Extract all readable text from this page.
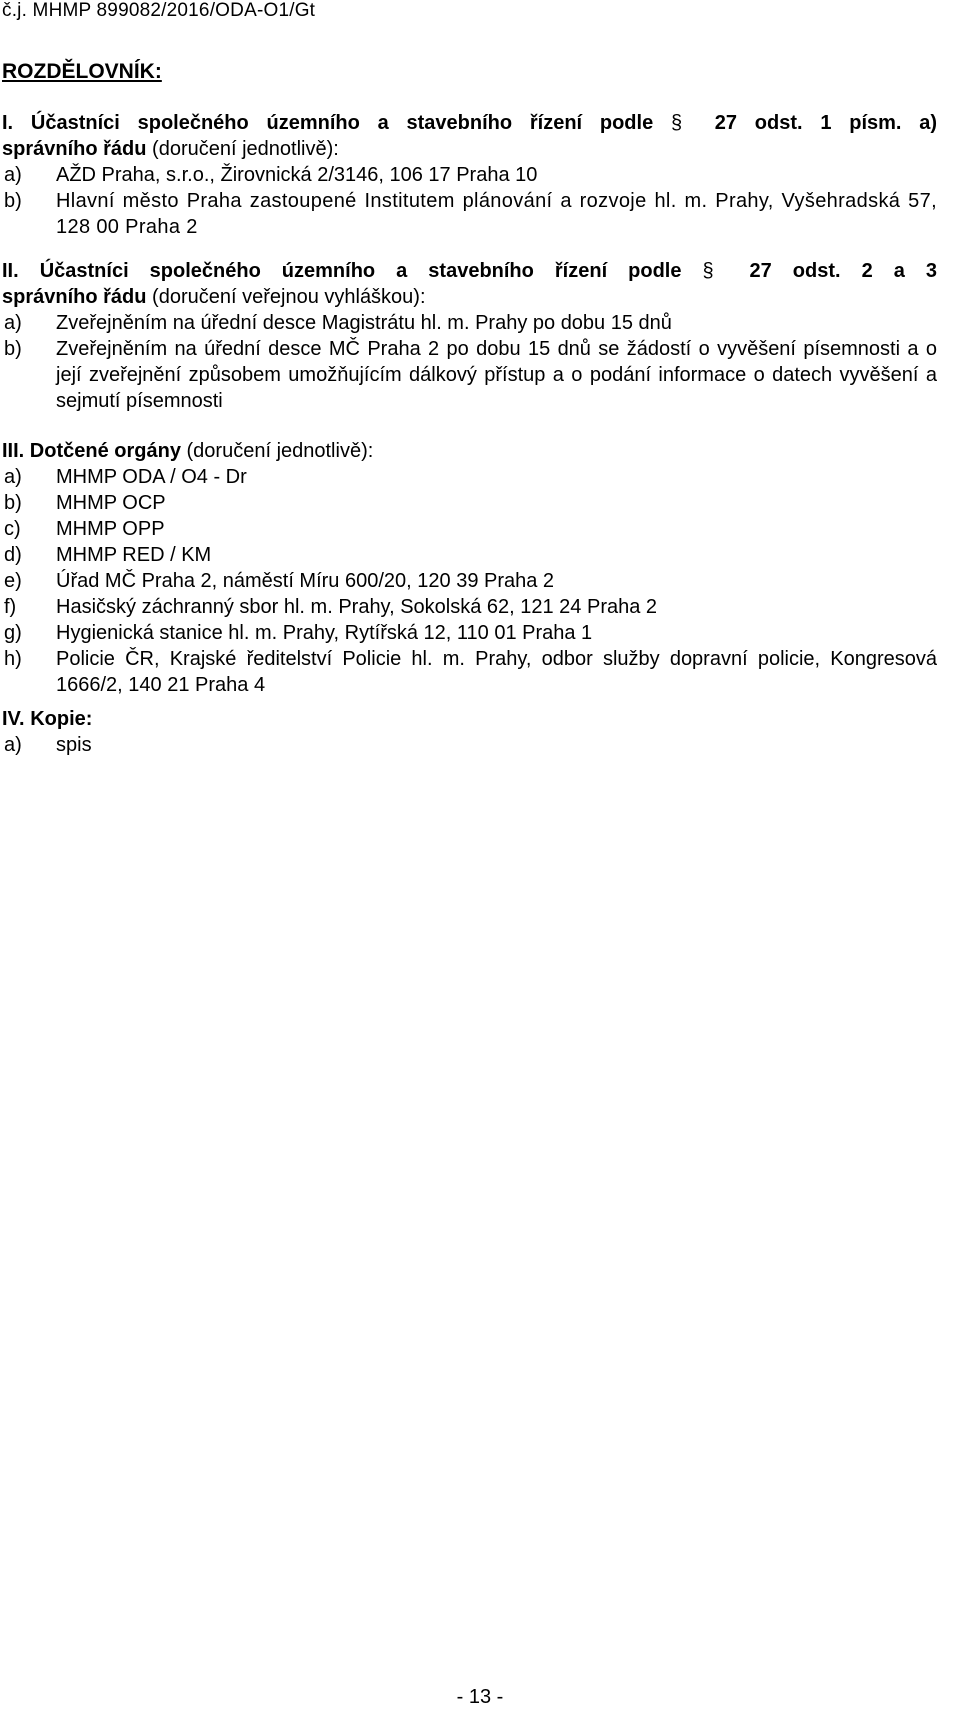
č.j. MHMP 899082/2016/ODA-O1/Gt
ROZDĚLOVNÍK:
I. Účastníci společného územního a stavebního řízení podle § 27 odst. 1 písm. a)
správního řádu (doručení jednotlivě):
a)	AŽD Praha, s.r.o., Žirovnická 2/3146, 106 17 Praha 10
b)	Hlavní město Praha zastoupené Institutem plánování a rozvoje hl. m. Prahy, Vyšehradská 57, 128 00 Praha 2
II. Účastníci společného územního a stavebního řízení podle § 27 odst. 2 a 3
správního řádu (doručení veřejnou vyhláškou):
a)	Zveřejněním na úřední desce Magistrátu hl. m. Prahy po dobu 15 dnů
b)	Zveřejněním na úřední desce MČ Praha 2 po dobu 15 dnů se žádostí o vyvěšení písemnosti a o její zveřejnění způsobem umožňujícím dálkový přístup a o podání informace o datech vyvěšení a sejmutí písemnosti
III. Dotčené orgány (doručení jednotlivě):
a)	MHMP ODA / O4 - Dr
b)	MHMP OCP
c)	MHMP OPP
d)	MHMP RED / KM
e)	Úřad MČ Praha 2, náměstí Míru 600/20, 120 39 Praha 2
f)	Hasičský záchranný sbor hl. m. Prahy, Sokolská 62, 121 24 Praha 2
g)	Hygienická stanice hl. m. Prahy, Rytířská 12, 110 01 Praha 1
h)	Policie ČR, Krajské ředitelství Policie hl. m. Prahy, odbor služby dopravní policie, Kongresová 1666/2, 140 21 Praha 4
IV. Kopie:
a)	spis
- 13 -
